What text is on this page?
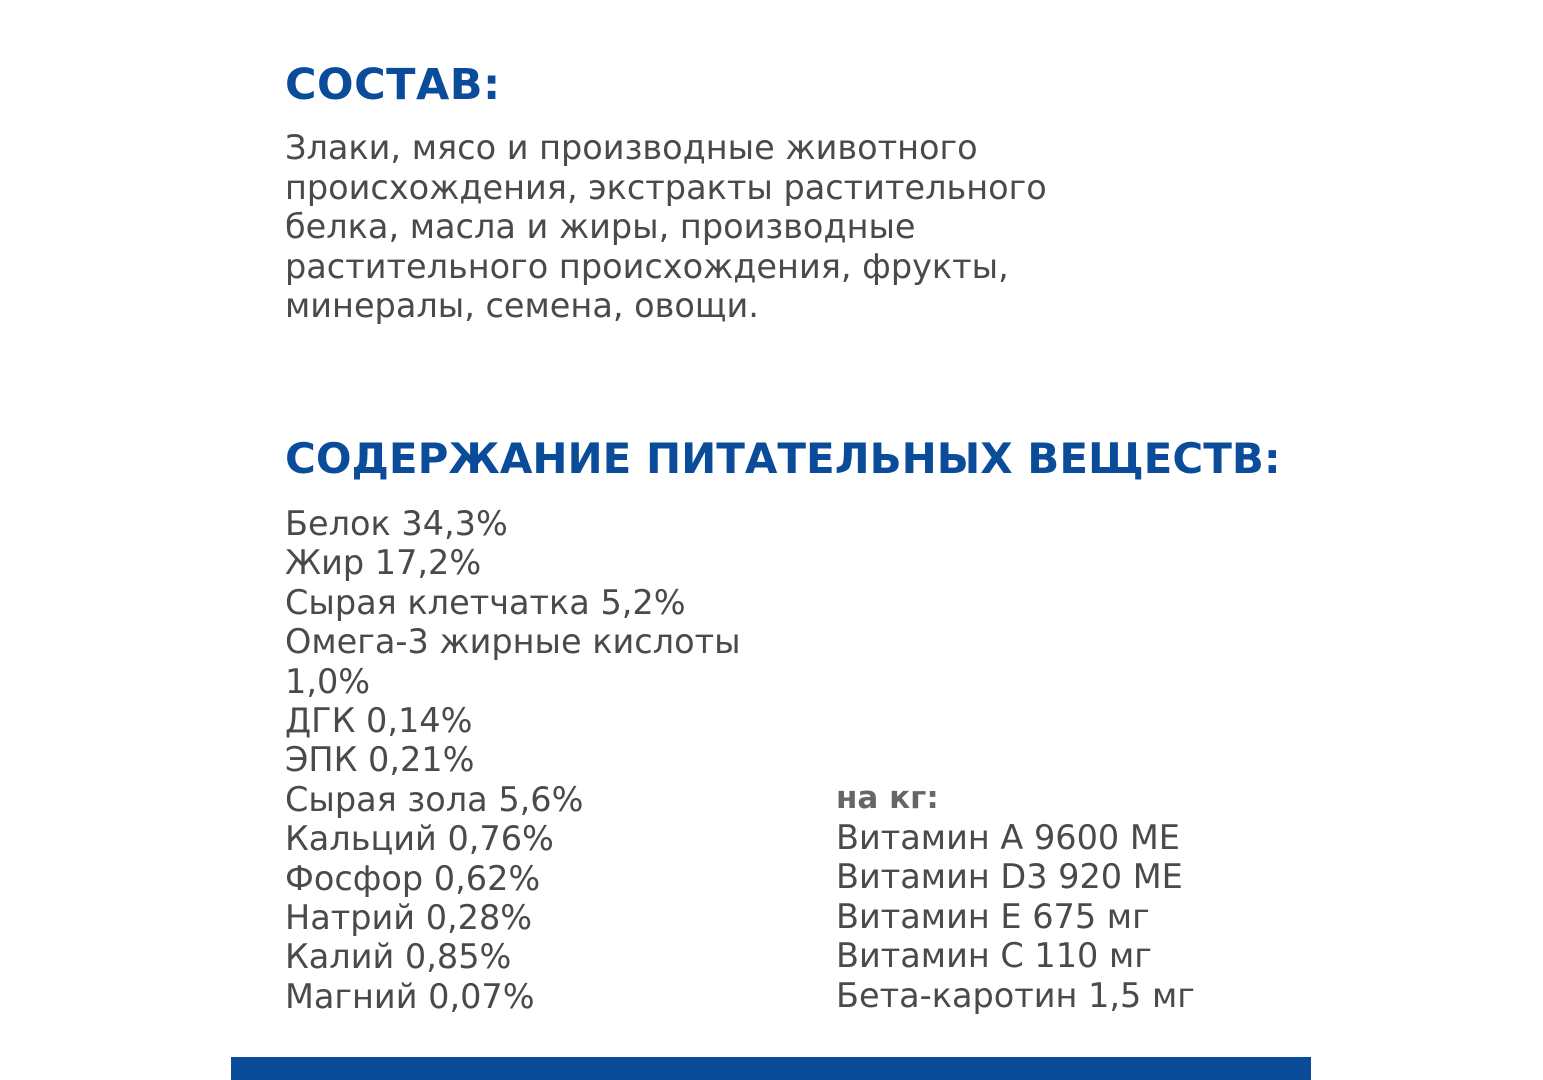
СОСТАВ:

Злаки, мясо и производные животного происхождения, экстракты растительного белка, масла и жиры, производные растительного происхождения, фрукты, минералы, семена, овощи.

СОДЕРЖАНИЕ ПИТАТЕЛЬНЫХ ВЕЩЕСТВ:
Белок 34,3%
Жир 17,2%
Сырая клетчатка 5,2%
Омега-3 жирные кислоты 1,0%
ДГК 0,14%
ЭПК 0,21%
Сырая зола 5,6%
Кальций 0,76%
Фосфор 0,62%
Натрий 0,28%
Калий 0,85%
Магний 0,07%

на кг:

Витамин А 9600 МЕ
Витамин D3 920 МЕ
Витамин Е 675 мг
Витамин С 110 мг
Бета-каротин 1,5 мг
